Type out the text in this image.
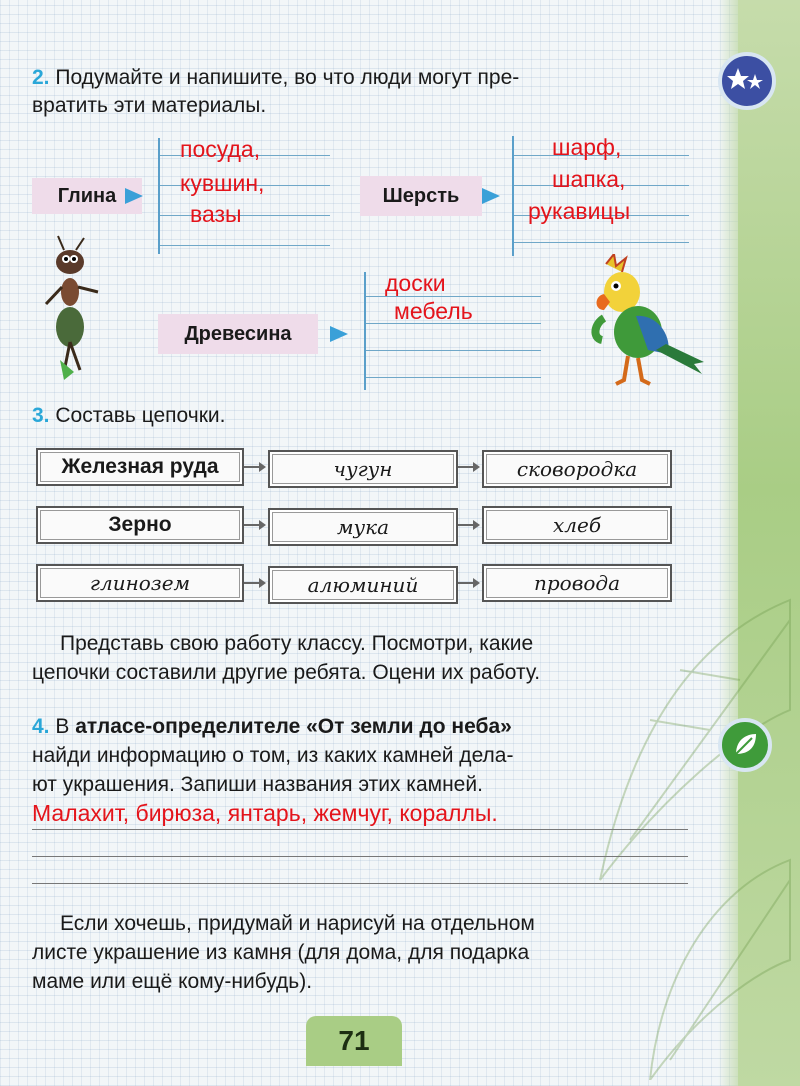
2. Подумайте и напишите, во что люди могут пре-
вратить эти материалы.
Глина
посуда,
кувшин,
вазы
Шерсть
шарф,
шапка,
рукавицы
Древесина
доски
мебель
3. Составь цепочки.
Железная руда	чугун	сковородка
Зерно	мука	хлеб
глинозем	алюминий	провода
Представь свою работу классу. Посмотри, какие
цепочки составили другие ребята. Оцени их работу.
4. В атласе-определителе «От земли до неба»
найди информацию о том, из каких камней дела-
ют украшения. Запиши названия этих камней.
Малахит, бирюза, янтарь, жемчуг, кораллы.
Если хочешь, придумай и нарисуй на отдельном
листе украшение из камня (для дома, для подарка
маме или ещё кому-нибудь).
71
